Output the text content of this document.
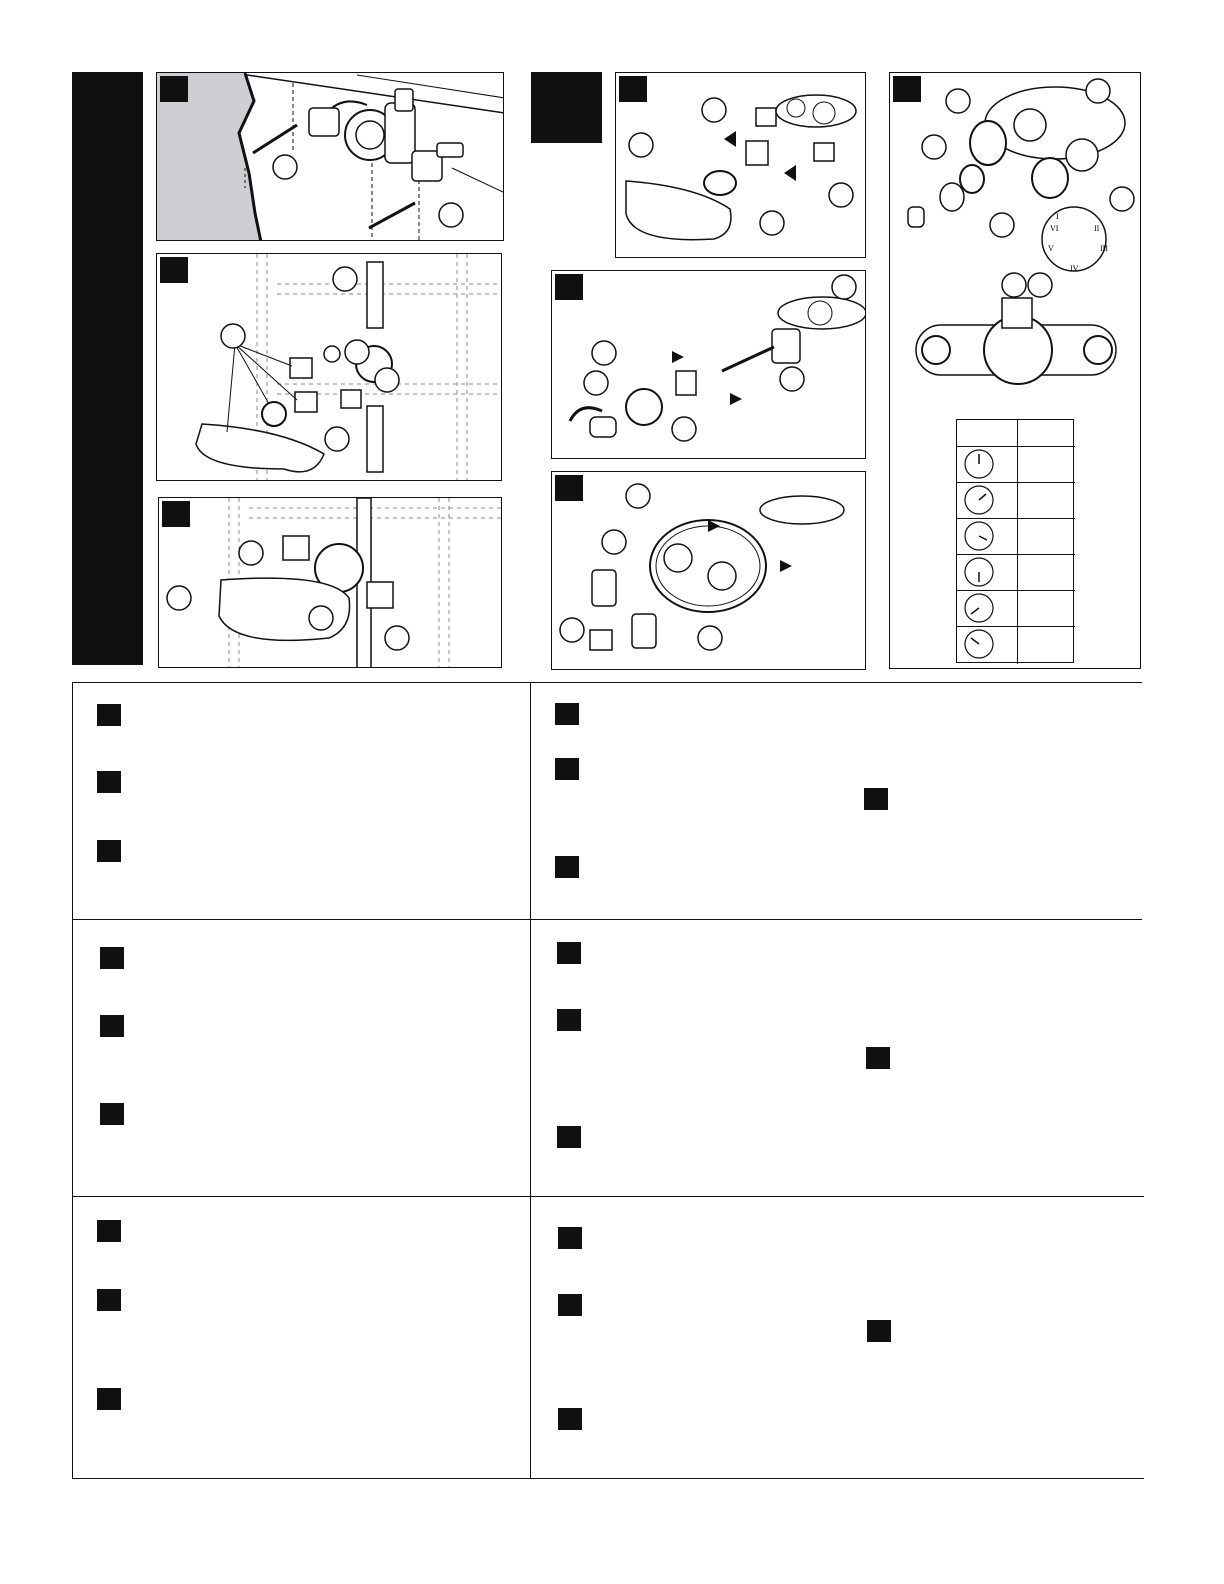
I
II
III
IV
V
VI
